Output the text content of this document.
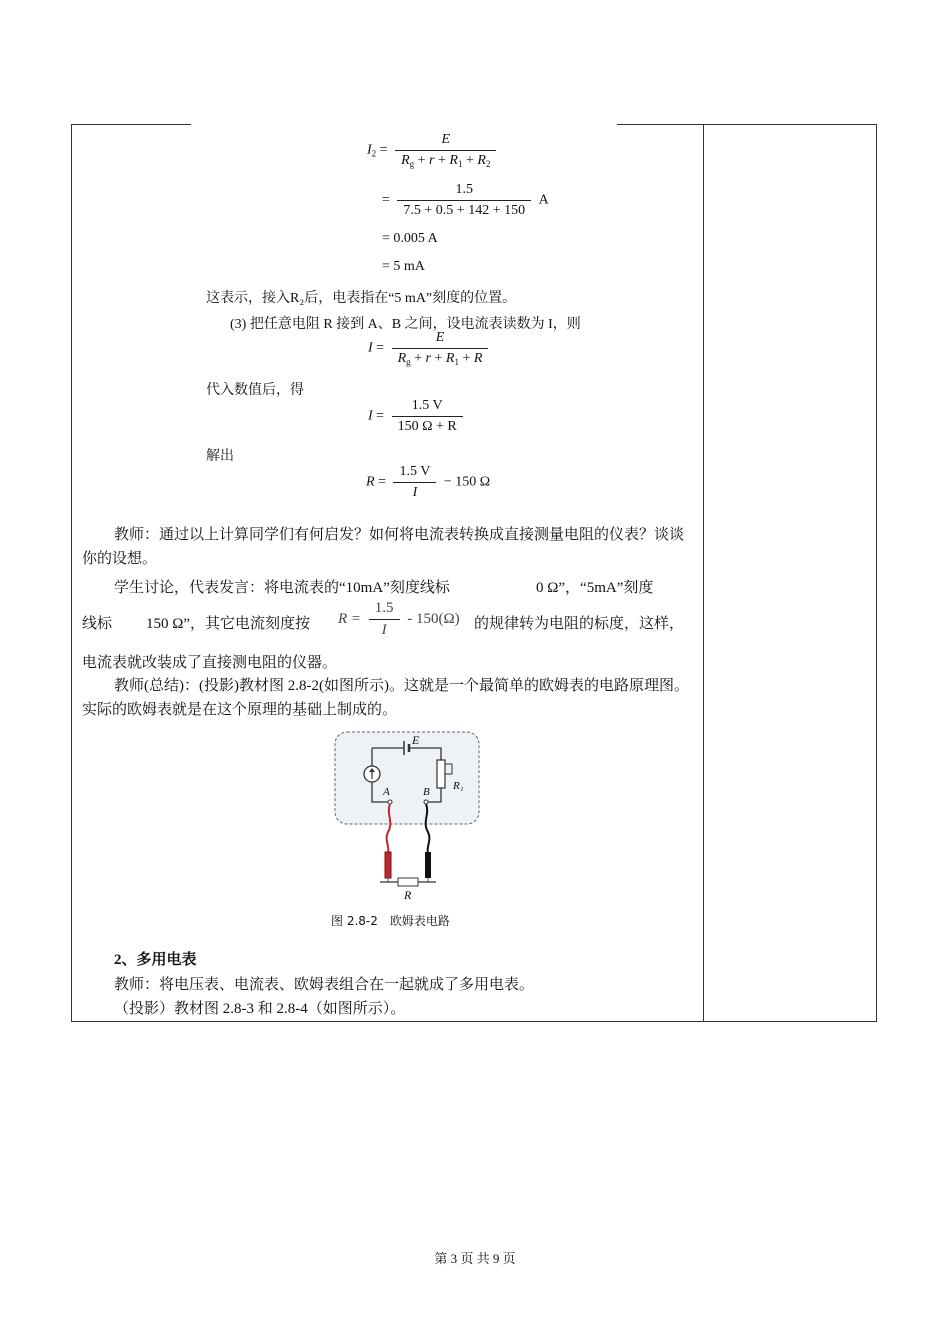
$I_2 = \frac{E}{R_g + r + R_1 + R_2}$
= $\frac{1.5}{7.5 + 0.5 + 142 + 150}$ A
= 0.005 A
= 5 mA
这表示，接入R₂后，电表指在“5 mA”刻度的位置。
(3) 把任意电阻 R 接到 A、B 之间，设电流表读数为 I，则
$I = \frac{E}{R_g + r + R_1 + R}$
代入数值后，得
$I = \frac{1.5 V}{150 \Omega + R}$
解出
$R = \frac{1.5 V}{I} - 150$ Ω
教师：通过以上计算同学们有何启发？如何将电流表转换成直接测量电阻的仪表？谈谈你的设想。
学生讨论，代表发言：将电流表的“10mA”刻度线标	0 Ω”，“5mA”刻度
线标 150 Ω”，其它电流刻度按 $R = \frac{1.5}{I} - 150(\Omega)$ 的规律转为电阻的标度，这样，
电流表就改装成了直接测电阻的仪器。
教师(总结)：(投影)教材图 2.8-2(如图所示)。这就是一个最简单的欧姆表的电路原理图。实际的欧姆表就是在这个原理的基础上制成的。
E
A	B R₁
R
图 2.8-2　欧姆表电路
2、多用电表
教师：将电压表、电流表、欧姆表组合在一起就成了多用电表。
（投影）教材图 2.8-3 和 2.8-4（如图所示）。
第 3 页 共 9 页
